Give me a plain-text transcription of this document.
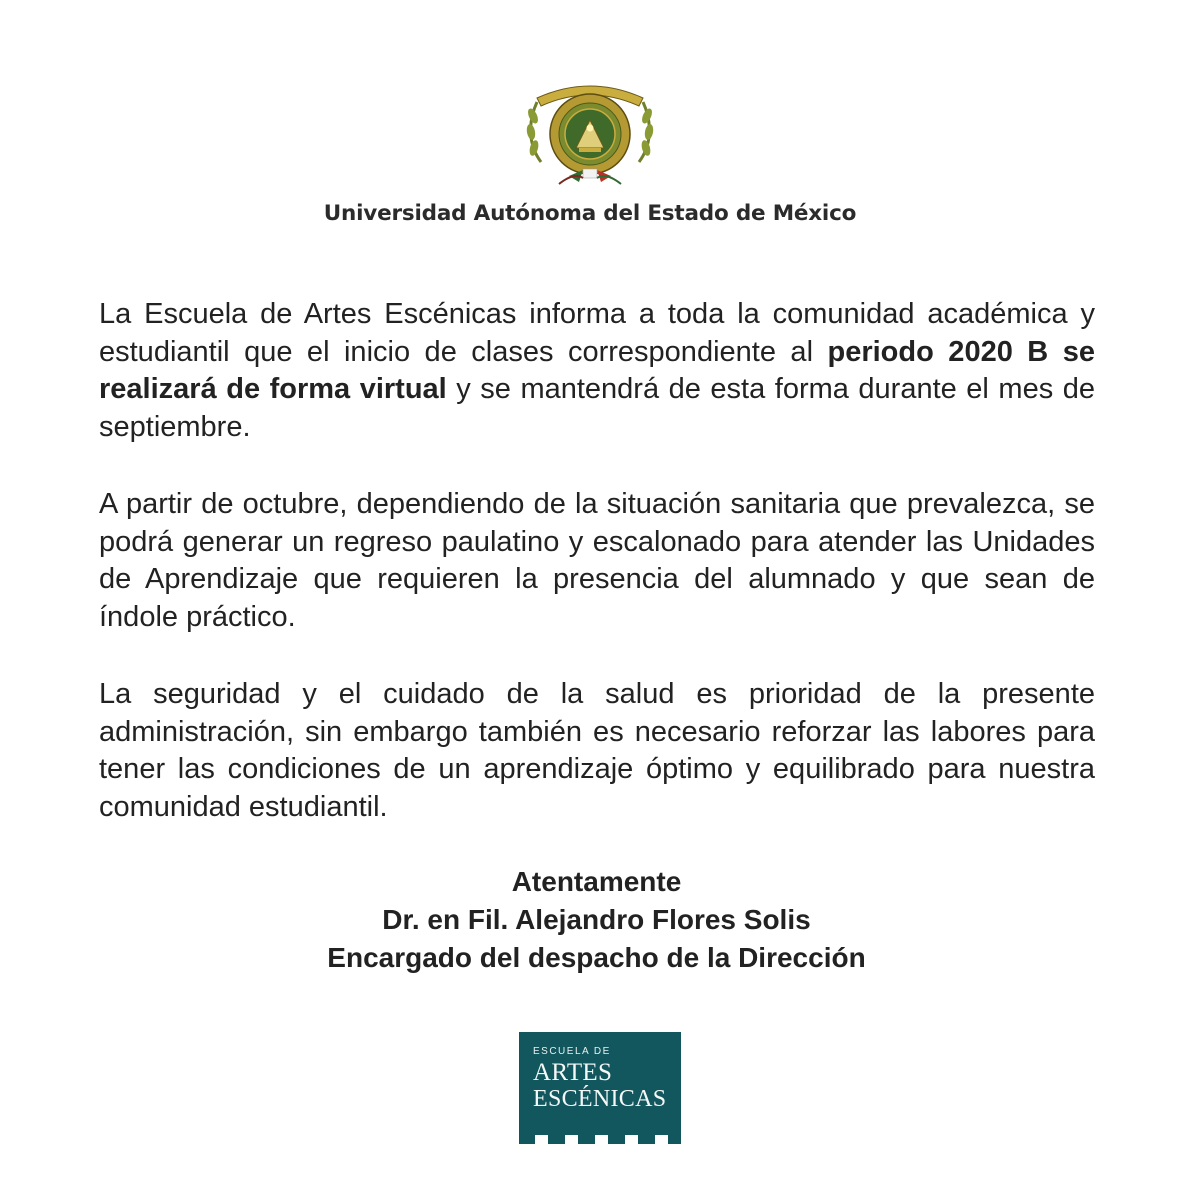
Universidad Autónoma del Estado de México

La Escuela de Artes Escénicas informa a toda la comunidad académica y estudiantil que el inicio de clases correspondiente al periodo 2020 B se realizará de forma virtual y se mantendrá de esta forma durante el mes de septiembre.

A partir de octubre, dependiendo de la situación sanitaria que prevalezca, se podrá generar un regreso paulatino y escalonado para atender las Unidades de Aprendizaje que requieren la presencia del alumnado y que sean de índole práctico.

La seguridad y el cuidado de la salud es prioridad de la presente administración, sin embargo también es necesario reforzar las labores para tener las condiciones de un aprendizaje óptimo y equilibrado para nuestra comunidad estudiantil.

Atentamente

Dr. en Fil. Alejandro Flores Solis

Encargado del despacho de la Dirección

ESCUELA DE
ARTES
ESCÉNICAS
